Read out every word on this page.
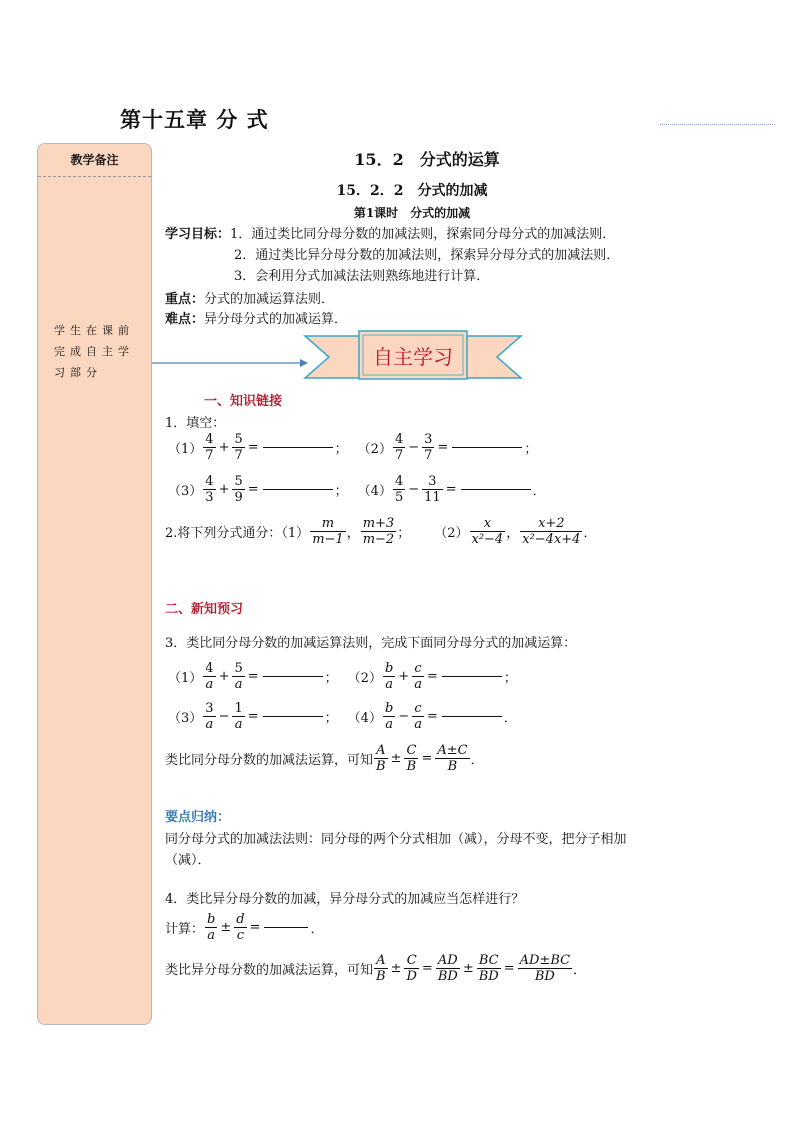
第十五章 分 式
教学备注
学生在课前完成自主学习部分
15．2　分式的运算
15．2．2　分式的加减
第1课时　分式的加减
学习目标：1．通过类比同分母分数的加减法则，探索同分母分式的加减法则．
2．通过类比异分母分数的加减法则，探索异分母分式的加减法则．
3．会利用分式加减法法则熟练地进行计算．
重点：分式的加减运算法则．
难点：异分母分式的加减运算．
自主学习
一、知识链接
1．填空：
$(1) \frac{4}{7} + \frac{5}{7}$ =	； $(2) \frac{4}{7} - \frac{3}{7}$ =	；
$(3) \frac{4}{3} + \frac{5}{9}$ =	； $(4) \frac{4}{5} - \frac{3}{11}$ =	．
2.将下列分式通分：$(1) \frac{m}{m-1}$ ， $\frac{m+3}{m-2}$ ； $(2) \frac{x}{\text{x²−4}}$ ， $\frac{x+2}{\text{x²−4x+4}}$ ．
二、新知预习
3．类比同分母分数的加减运算法则，完成下面同分母分式的加减运算：
$(1) \frac{4}{a} + \frac{5}{a}$ =	； $(2) \frac{b}{a} + \frac{c}{a}$ =	；
$(3) \frac{3}{a} - \frac{1}{a}$ =	； $(4) \frac{b}{a} - \frac{c}{a}$ =	．
类比同分母分数的加减法运算，可知 $\frac{A}{B} \pm \frac{C}{B} = \frac{A\pm C}{B}$ ．
要点归纳：
同分母分式的加减法法则：同分母的两个分式相加（减），分母不变，把分子相加
（减）．
4．类比异分母分数的加减，异分母分式的加减应当怎样进行？
计算： $\frac{b}{a} \pm \frac{d}{c}$ =	．
类比异分母分数的加减法运算，可知 $\frac{A}{B} \pm \frac{C}{D} = \frac{AD}{BD} \pm \frac{BC}{BD} = \frac{AD\pm BC}{BD}$ ．
